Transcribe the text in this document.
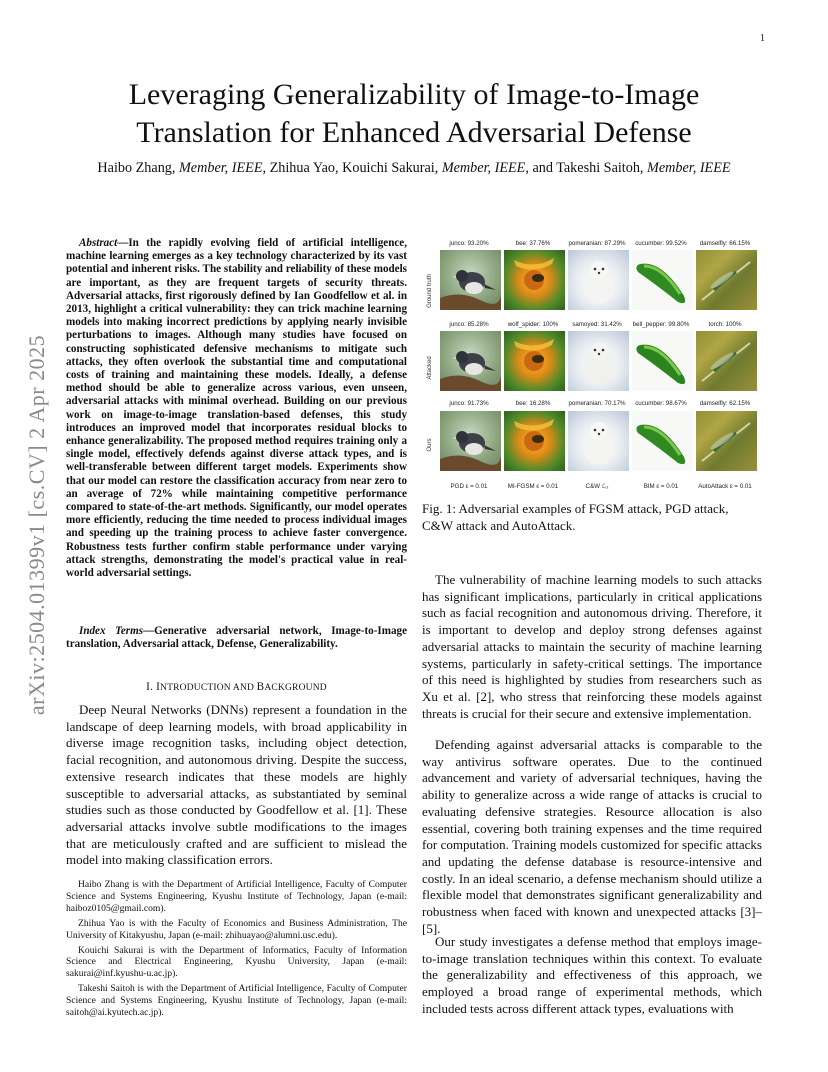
1
arXiv:2504.01399v1 [cs.CV] 2 Apr 2025
Leveraging Generalizability of Image-to-Image
Translation for Enhanced Adversarial Defense
Haibo Zhang, Member, IEEE, Zhihua Yao, Kouichi Sakurai, Member, IEEE, and Takeshi Saitoh, Member, IEEE
Abstract—In the rapidly evolving field of artificial intelligence, machine learning emerges as a key technology characterized by its vast potential and inherent risks. The stability and reliability of these models are important, as they are frequent targets of security threats. Adversarial attacks, first rigorously defined by Ian Goodfellow et al. in 2013, highlight a critical vulnerability: they can trick machine learning models into making incorrect predictions by applying nearly invisible perturbations to images. Although many studies have focused on constructing sophisticated defensive mechanisms to mitigate such attacks, they often overlook the substantial time and computational costs of training and maintaining these models. Ideally, a defense method should be able to generalize across various, even unseen, adversarial attacks with minimal overhead. Building on our previous work on image-to-image translation-based defenses, this study introduces an improved model that incorporates residual blocks to enhance generalizability. The proposed method requires training only a single model, effectively defends against diverse attack types, and is well-transferable between different target models. Experiments show that our model can restore the classification accuracy from near zero to an average of 72% while maintaining competitive performance compared to state-of-the-art methods. Significantly, our model operates more efficiently, reducing the time needed to process individual images and speeding up the training process to achieve faster convergence. Robustness tests further confirm stable performance under varying attack strengths, demonstrating the model's practical value in real-world adversarial settings.
Index Terms—Generative adversarial network, Image-to-Image translation, Adversarial attack, Defense, Generalizability.
I. INTRODUCTION AND BACKGROUND
Deep Neural Networks (DNNs) represent a foundation in the landscape of deep learning models, with broad applicability in diverse image recognition tasks, including object detection, facial recognition, and autonomous driving. Despite the success, extensive research indicates that these models are highly susceptible to adversarial attacks, as substantiated by seminal studies such as those conducted by Goodfellow et al. [1]. These adversarial attacks involve subtle modifications to the images that are meticulously crafted and are sufficient to mislead the model into making classification errors.

Haibo Zhang is with the Department of Artificial Intelligence, Faculty of Computer Science and Systems Engineering, Kyushu Institute of Technology, Japan (e-mail: haiboz0105@gmail.com).

Zhihua Yao is with the Faculty of Economics and Business Administration, The University of Kitakyushu, Japan (e-mail: zhihuayao@alumni.usc.edu).

Kouichi Sakurai is with the Department of Informatics, Faculty of Information Science and Electrical Engineering, Kyushu University, Japan (e-mail: sakurai@inf.kyushu-u.ac.jp).

Takeshi Saitoh is with the Department of Artificial Intelligence, Faculty of Computer Science and Systems Engineering, Kyushu Institute of Technology, Japan (e-mail: saitoh@ai.kyutech.ac.jp).

Ground truth
Attacked
Ours
junco: 93.20%	bee: 37.76%	pomeranian: 87.29%	cucumber: 99.52%	damselfly: 66.15%
junco: 85.28%	wolf_spider: 100%	samoyed: 31.42%	bell_pepper: 99.80%	torch: 100%
junco: 91.73%	bee: 16.28%	pomeranian: 70.17%	cucumber: 98.67%	damselfly: 62.15%
PGD ε = 0.01	MI-FGSM ε = 0.01	C&W ℒ₂	BIM ε = 0.01	AutoAttack ε = 0.01
Fig. 1: Adversarial examples of FGSM attack, PGD attack, C&W attack and AutoAttack.
The vulnerability of machine learning models to such attacks has significant implications, particularly in critical applications such as facial recognition and autonomous driving. Therefore, it is important to develop and deploy strong defenses against adversarial attacks to maintain the security of machine learning systems, particularly in safety-critical settings. The importance of this need is highlighted by studies from researchers such as Xu et al. [2], who stress that reinforcing these models against threats is crucial for their secure and extensive implementation.
Defending against adversarial attacks is comparable to the way antivirus software operates. Due to the continued advancement and variety of adversarial techniques, having the ability to generalize across a wide range of attacks is crucial to evaluating defensive strategies. Resource allocation is also essential, covering both training expenses and the time required for computation. Training models customized for specific attacks and updating the defense database is resource-intensive and costly. In an ideal scenario, a defense mechanism should utilize a flexible model that demonstrates significant generalizability and robustness when faced with known and unexpected attacks [3]–[5].
Our study investigates a defense method that employs image-to-image translation techniques within this context. To evaluate the generalizability and effectiveness of this approach, we employed a broad range of experimental methods, which included tests across different attack types, evaluations with
